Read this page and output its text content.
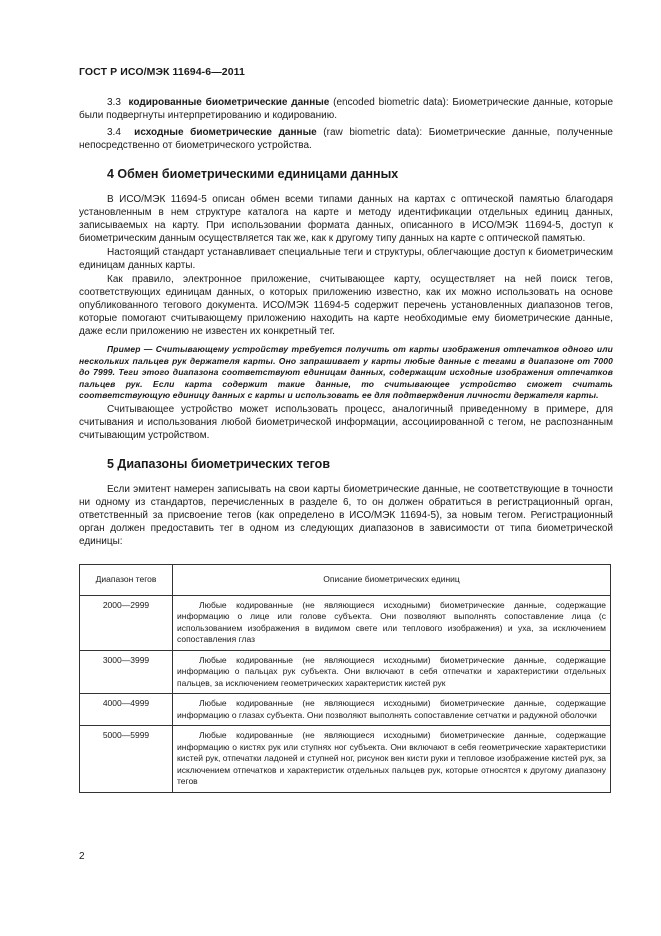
ГОСТ Р ИСО/МЭК 11694-6—2011

3.3 кодированные биометрические данные (encoded biometric data): Биометрические данные, которые были подвергнуты интерпретированию и кодированию.

3.4 исходные биометрические данные (raw biometric data): Биометрические данные, полученные непосредственно от биометрического устройства.

4 Обмен биометрическими единицами данных

В ИСО/МЭК 11694-5 описан обмен всеми типами данных на картах с оптической памятью благодаря установленным в нем структуре каталога на карте и методу идентификации отдельных единиц данных, записываемых на карту. При использовании формата данных, описанного в ИСО/МЭК 11694-5, доступ к биометрическим данным осуществляется так же, как к другому типу данных на карте с оптической памятью.

Настоящий стандарт устанавливает специальные теги и структуры, облегчающие доступ к биометрическим единицам данных карты.

Как правило, электронное приложение, считывающее карту, осуществляет на ней поиск тегов, соответствующих единицам данных, о которых приложению известно, как их можно использовать на основе опубликованного тегового документа. ИСО/МЭК 11694-5 содержит перечень установленных диапазонов тегов, которые помогают считывающему приложению находить на карте необходимые ему биометрические данные, даже если приложению не известен их конкретный тег.

Пример — Считывающему устройству требуется получить от карты изображения отпечатков одного или нескольких пальцев рук держателя карты. Оно запрашивает у карты любые данные с тегами в диапазоне от 7000 до 7999. Теги этого диапазона соответствуют единицам данных, содержащим исходные изображения отпечатков пальцев рук. Если карта содержит такие данные, то считывающее устройство сможет считать соответствующую единицу данных с карты и использовать ее для подтверждения личности держателя карты.

Считывающее устройство может использовать процесс, аналогичный приведенному в примере, для считывания и использования любой биометрической информации, ассоциированной с тегом, не распознанным считывающим устройством.

5 Диапазоны биометрических тегов

Если эмитент намерен записывать на свои карты биометрические данные, не соответствующие в точности ни одному из стандартов, перечисленных в разделе 6, то он должен обратиться в регистрационный орган, ответственный за присвоение тегов (как определено в ИСО/МЭК 11694-5), за новым тегом. Регистрационный орган должен предоставить тег в одном из следующих диапазонов в зависимости от типа биометрической единицы:

Диапазон тегов	Описание биометрических единиц
2000—2999	Любые кодированные (не являющиеся исходными) биометрические данные, содержащие информацию о лице или голове субъекта. Они позволяют выполнять сопоставление лица (с использованием изображения в видимом свете или теплового изображения) и уха, за исключением сопоставления глаз
3000—3999	Любые кодированные (не являющиеся исходными) биометрические данные, содержащие информацию о пальцах рук субъекта. Они включают в себя отпечатки и характеристики отдельных пальцев, за исключением геометрических характеристик кистей рук
4000—4999	Любые кодированные (не являющиеся исходными) биометрические данные, содержащие информацию о глазах субъекта. Они позволяют выполнять сопоставление сетчатки и радужной оболочки
5000—5999	Любые кодированные (не являющиеся исходными) биометрические данные, содержащие информацию о кистях рук или ступнях ног субъекта. Они включают в себя геометрические характеристики кистей рук, отпечатки ладоней и ступней ног, рисунок вен кисти руки и тепловое изображение кистей рук, за исключением отпечатков и характеристик отдельных пальцев рук, которые относятся к другому диапазону тегов
2
